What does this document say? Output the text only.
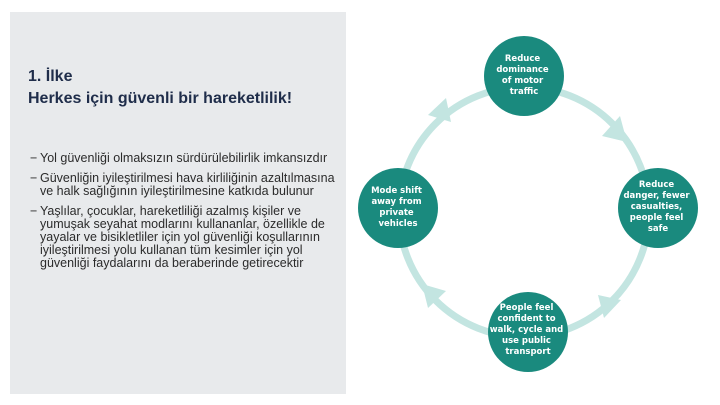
1. İlke
Herkes için güvenli bir hareketlilik!
− Yol güvenliği olmaksızın sürdürülebilirlik imkansızdır
− Güvenliğin iyileştirilmesi hava kirliliğinin azaltılmasına ve halk sağlığının iyileştirilmesine katkıda bulunur
− Yaşlılar, çocuklar, hareketliliği azalmış kişiler ve yumuşak seyahat modlarını kullananlar, özellikle de yayalar ve bisikletliler için yol güvenliği koşullarının iyileştirilmesi yolu kullanan tüm kesimler için yol güvenliği faydalarını da beraberinde getirecektir
Reduce dominance of motor traffic
Reduce danger, fewer casualties, people feel safe
People feel confident to walk, cycle and use public transport
Mode shift away from private vehicles
